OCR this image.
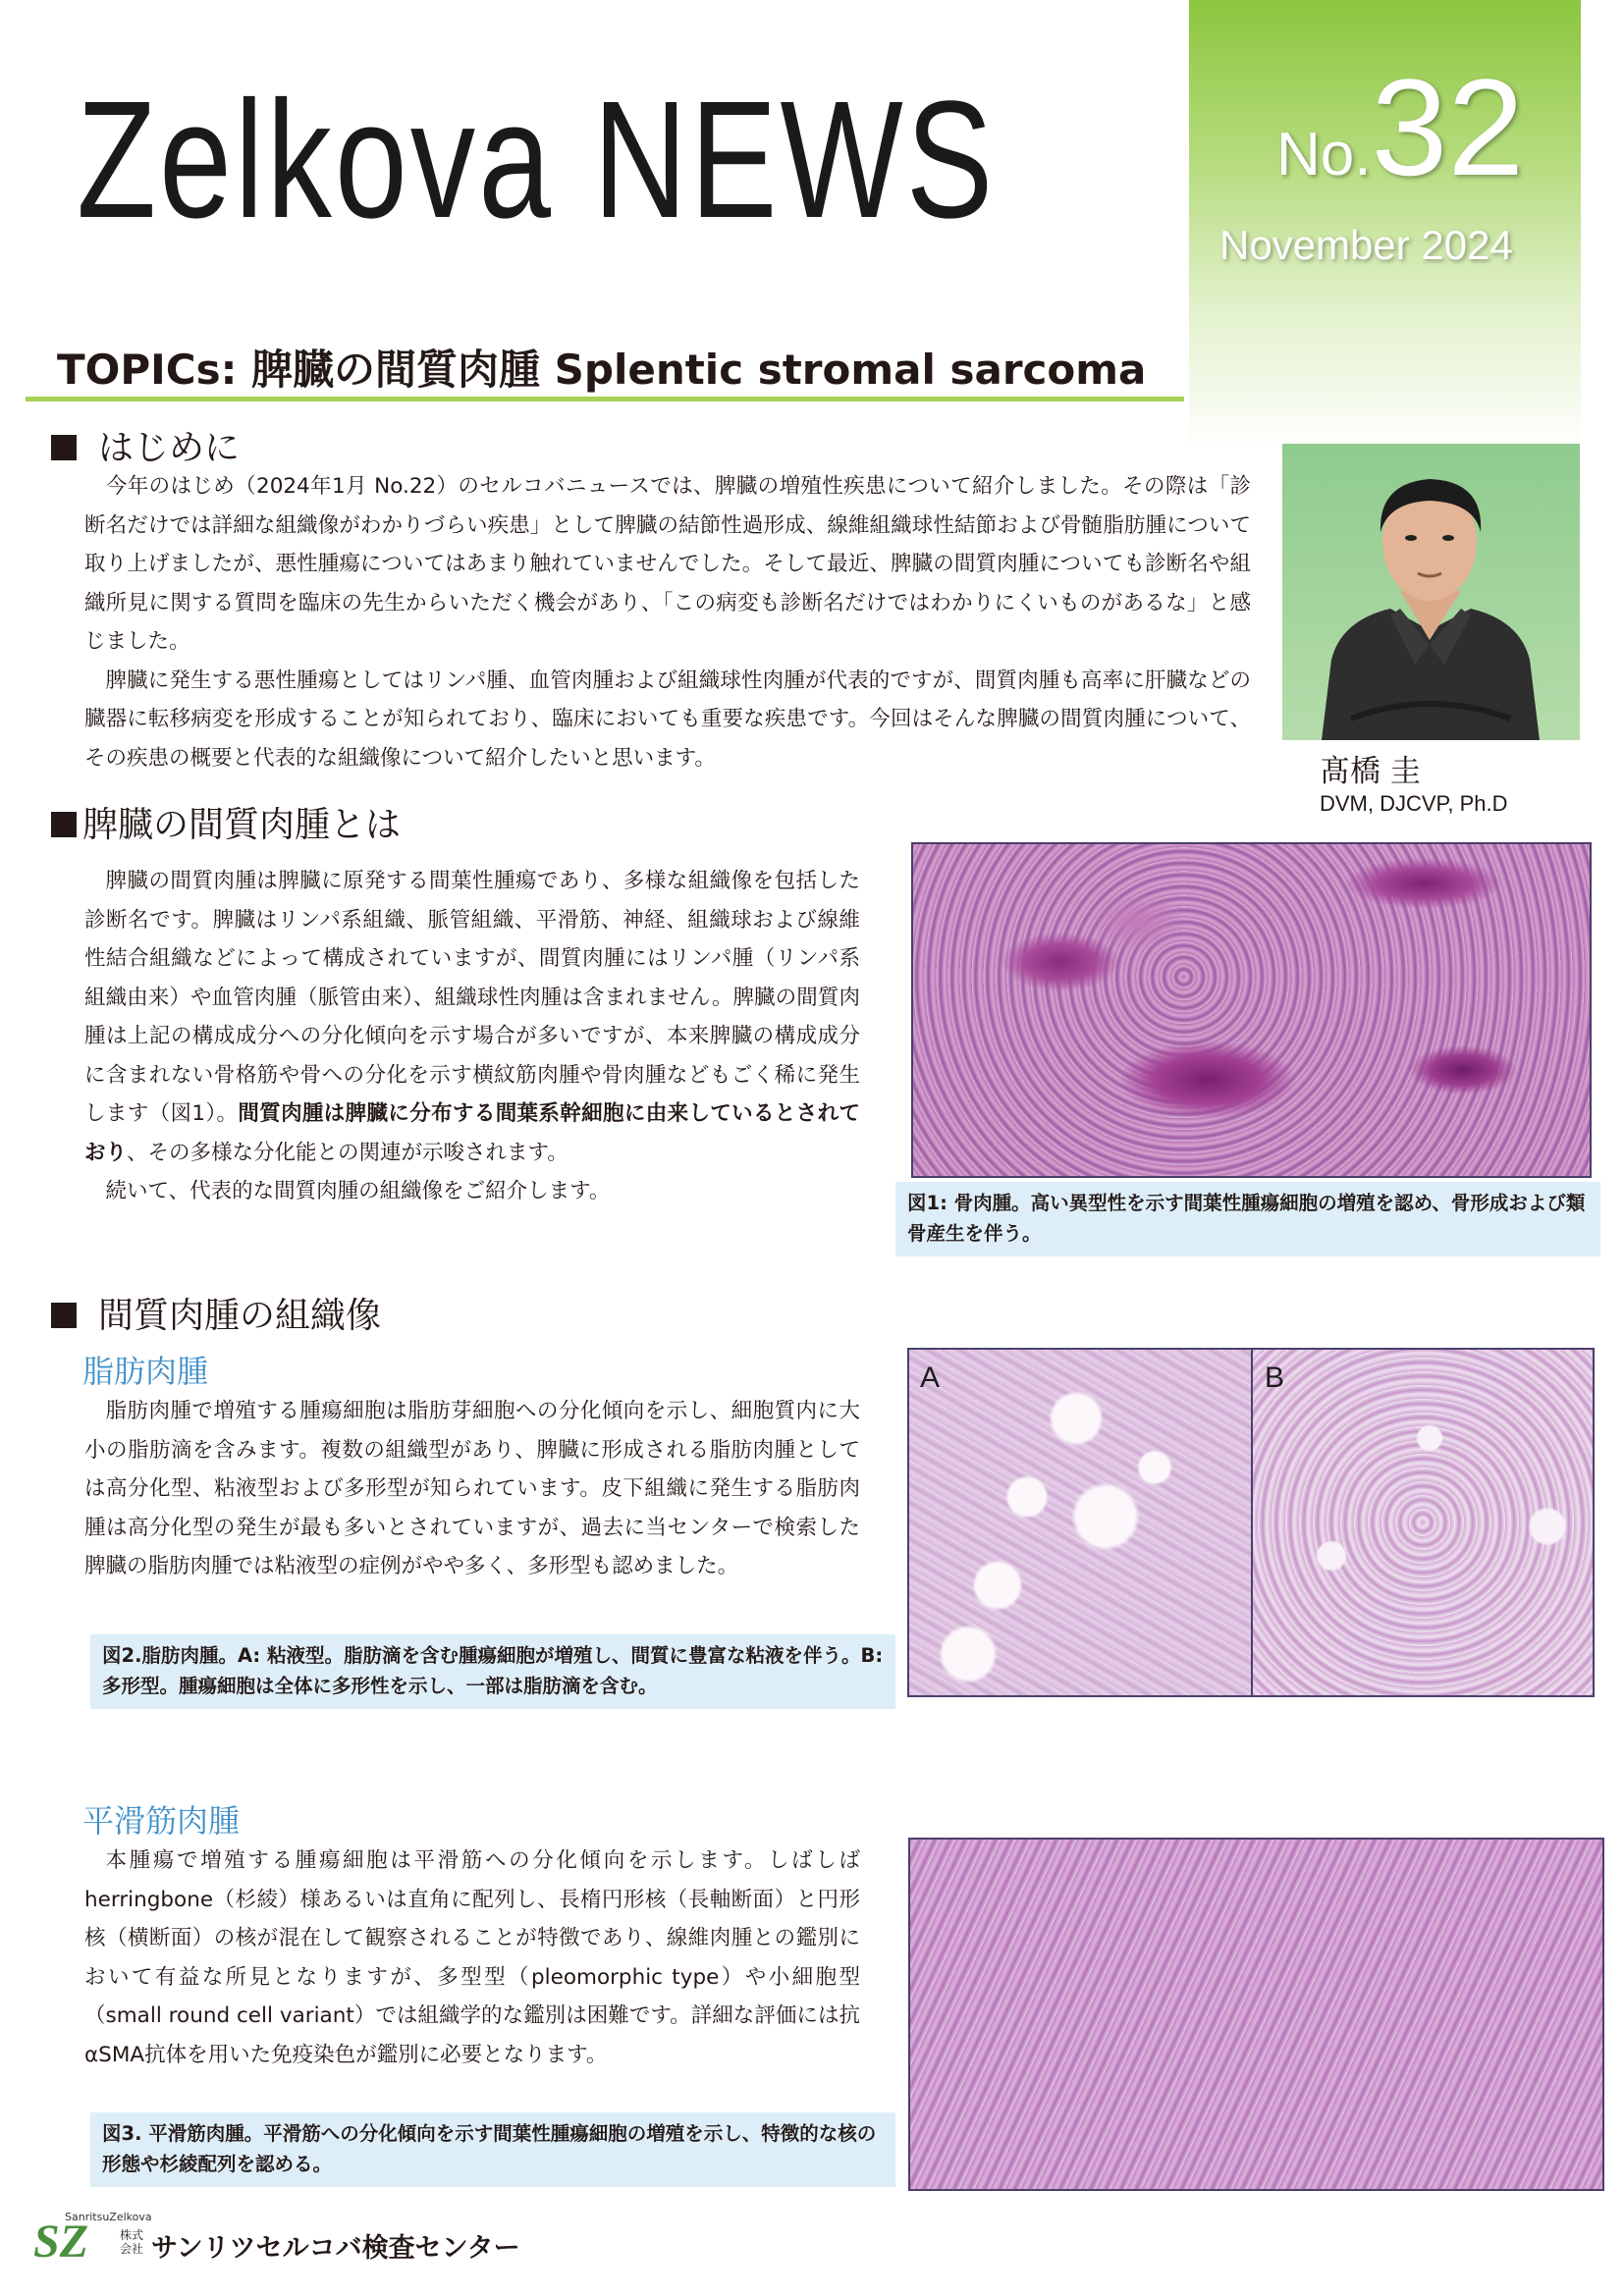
Zelkova NEWS	No.32
November 2024
TOPICs: 脾臓の間質肉腫 Splentic stromal sarcoma
はじめに

　今年のはじめ（2024年1月 No.22）のセルコバニュースでは、脾臓の増殖性疾患について紹介しました。その際は「診断名だけでは詳細な組織像がわかりづらい疾患」として脾臓の結節性過形成、線維組織球性結節および骨髄脂肪腫について取り上げましたが、悪性腫瘍についてはあまり触れていませんでした。そして最近、脾臓の間質肉腫についても診断名や組織所見に関する質問を臨床の先生からいただく機会があり、「この病変も診断名だけではわかりにくいものがあるな」と感じました。

脾臓に発生する悪性腫瘍としてはリンパ腫、血管肉腫および組織球性肉腫が代表的ですが、間質肉腫も高率に肝臓などの臓器に転移病変を形成することが知られており、臨床においても重要な疾患です。今回はそんな脾臓の間質肉腫について、その疾患の概要と代表的な組織像について紹介したいと思います。	髙橋 圭
DVM, DJCVP, Ph.D
脾臓の間質肉腫とは

脾臓の間質肉腫は脾臓に原発する間葉性腫瘍であり、多様な組織像を包括した診断名です。脾臓はリンパ系組織、脈管組織、平滑筋、神経、組織球および線維性結合組織などによって構成されていますが、間質肉腫にはリンパ腫（リンパ系組織由来）や血管肉腫（脈管由来）、組織球性肉腫は含まれません。脾臓の間質肉腫は上記の構成成分への分化傾向を示す場合が多いですが、本来脾臓の構成成分に含まれない骨格筋や骨への分化を示す横紋筋肉腫や骨肉腫などもごく稀に発生します（図1）。間質肉腫は脾臓に分布する間葉系幹細胞に由来しているとされており、その多様な分化能との関連が示唆されます。

続いて、代表的な間質肉腫の組織像をご紹介します。	図1: 骨肉腫。高い異型性を示す間葉性腫瘍細胞の増殖を認め、骨形成および類骨産生を伴う。
間質肉腫の組織像
脂肪肉腫

脂肪肉腫で増殖する腫瘍細胞は脂肪芽細胞への分化傾向を示し、細胞質内に大小の脂肪滴を含みます。複数の組織型があり、脾臓に形成される脂肪肉腫としては高分化型、粘液型および多形型が知られています。皮下組織に発生する脂肪肉腫は高分化型の発生が最も多いとされていますが、過去に当センターで検索した脾臓の脂肪肉腫では粘液型の症例がやや多く、多形型も認めました。

図2.脂肪肉腫。A: 粘液型。脂肪滴を含む腫瘍細胞が増殖し、間質に豊富な粘液を伴う。B:多形型。腫瘍細胞は全体に多形性を示し、一部は脂肪滴を含む。
A	B
平滑筋肉腫

本腫瘍で増殖する腫瘍細胞は平滑筋への分化傾向を示します。しばしばherringbone（杉綾）様あるいは直角に配列し、長楕円形核（長軸断面）と円形核（横断面）の核が混在して観察されることが特徴であり、線維肉腫との鑑別において有益な所見となりますが、多型型（pleomorphic type）や小細胞型（small round cell variant）では組織学的な鑑別は困難です。詳細な評価には抗αSMA抗体を用いた免疫染色が鑑別に必要となります。

図3. 平滑筋肉腫。平滑筋への分化傾向を示す間葉性腫瘍細胞の増殖を示し、特徴的な核の形態や杉綾配列を認める。
SZ
SanritsuZelkova
株式会社 サンリツセルコバ検査センター
